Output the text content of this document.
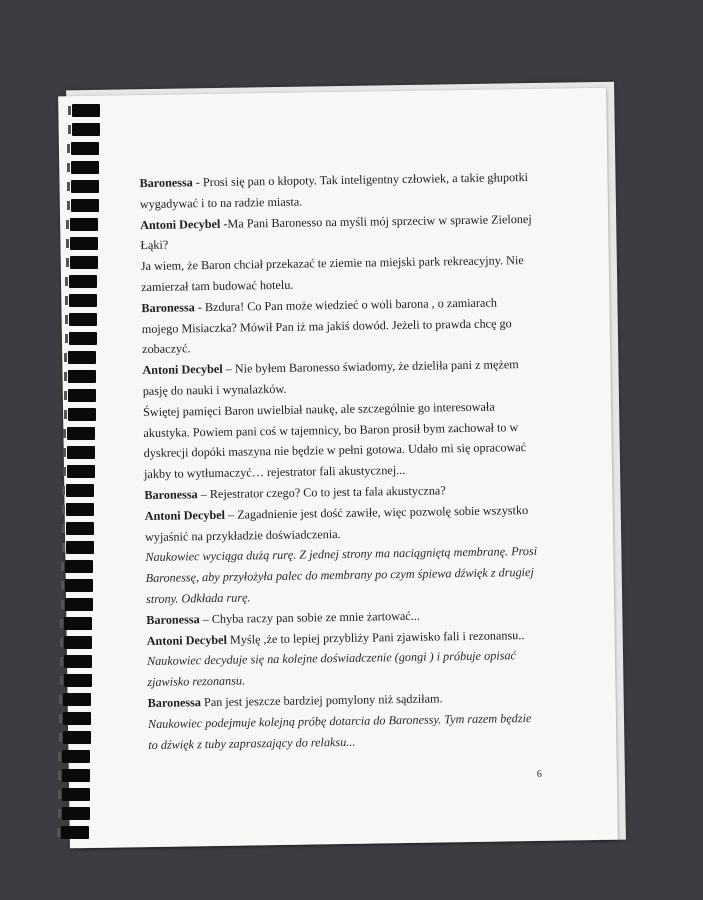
Baronessa - Prosi się pan o kłopoty. Tak inteligentny człowiek, a takie głupotki
wygadywać i to na radzie miasta.
Antoni Decybel -Ma Pani Baronesso na myśli mój sprzeciw w sprawie Zielonej
Łąki?
Ja wiem, że Baron chciał przekazać te ziemie na miejski park rekreacyjny. Nie
zamierzał tam budować hotelu.
Baronessa - Bzdura! Co Pan może wiedzieć o woli barona , o zamiarach
mojego Misiaczka? Mówił Pan iż ma jakiś dowód. Jeżeli to prawda chcę go
zobaczyć.
Antoni Decybel – Nie byłem Baronesso świadomy, że dzieliła pani z mężem
pasję do nauki i wynalazków.
Świętej pamięci Baron uwielbiał naukę, ale szczególnie go interesowała
akustyka. Powiem pani coś w tajemnicy, bo Baron prosił bym zachował to w
dyskrecji dopóki maszyna nie będzie w pełni gotowa. Udało mi się opracować
jakby to wytłumaczyć… rejestrator fali akustycznej...
Baronessa – Rejestrator czego? Co to jest ta fala akustyczna?
Antoni Decybel – Zagadnienie jest dość zawiłe, więc pozwolę sobie wszystko
wyjaśnić na przykładzie doświadczenia.
Naukowiec wyciąga dużą rurę. Z jednej strony ma naciągniętą membranę. Prosi
Baronessę, aby przyłożyła palec do membrany po czym śpiewa dźwięk z drugiej
strony. Odkłada rurę.
Baronessa – Chyba raczy pan sobie ze mnie żartować...
Antoni Decybel Myślę ,że to lepiej przybliży Pani zjawisko fali i rezonansu..
Naukowiec decyduje się na kolejne doświadczenie (gongi ) i próbuje opisać
zjawisko rezonansu.
Baronessa Pan jest jeszcze bardziej pomylony niż sądziłam.
Naukowiec podejmuje kolejną próbę dotarcia do Baronessy. Tym razem będzie
to dźwięk z tuby zapraszający do relaksu...
6
